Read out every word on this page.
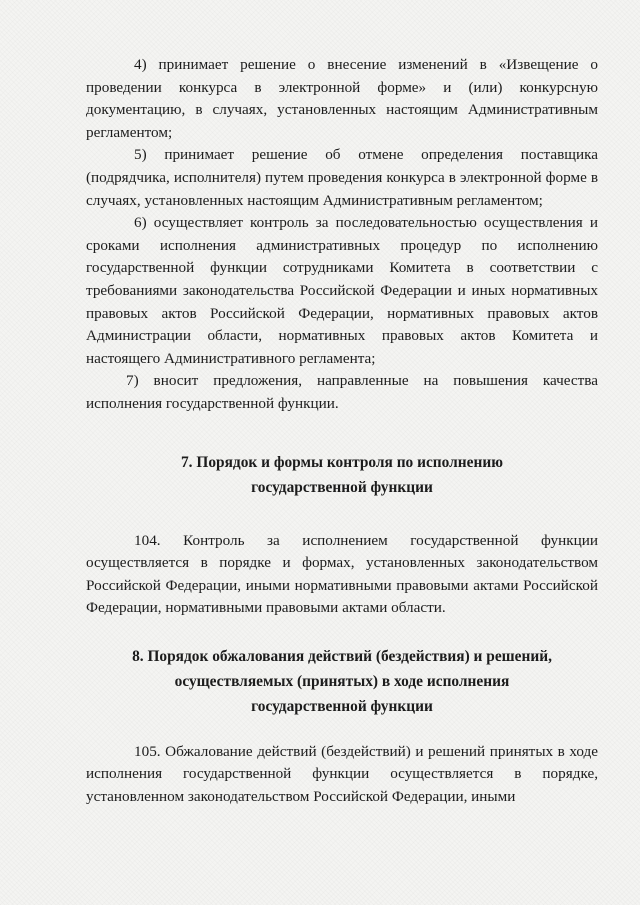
4) принимает решение о внесение изменений в «Извещение о проведении конкурса в электронной форме» и (или) конкурсную документацию, в случаях, установленных настоящим Административным регламентом;

5) принимает решение об отмене определения поставщика (подрядчика, исполнителя) путем проведения конкурса в электронной форме в случаях, установленных настоящим Административным регламентом;

6) осуществляет контроль за последовательностью осуществления и сроками исполнения административных процедур по исполнению государственной функции сотрудниками Комитета в соответствии с требованиями законодательства Российской Федерации и иных нормативных правовых актов Российской Федерации, нормативных правовых актов Администрации области, нормативных правовых актов Комитета и настоящего Административного регламента;

7) вносит предложения, направленные на повышения качества исполнения государственной функции.

7. Порядок и формы контроля по исполнению
государственной функции

104. Контроль за исполнением государственной функции осуществляется в порядке и формах, установленных законодательством Российской Федерации, иными нормативными правовыми актами Российской Федерации, нормативными правовыми актами области.

8. Порядок обжалования действий (бездействия) и решений,
осуществляемых (принятых) в ходе исполнения
государственной функции

105. Обжалование действий (бездействий) и решений принятых в ходе исполнения государственной функции осуществляется в порядке, установленном законодательством Российской Федерации, иными
